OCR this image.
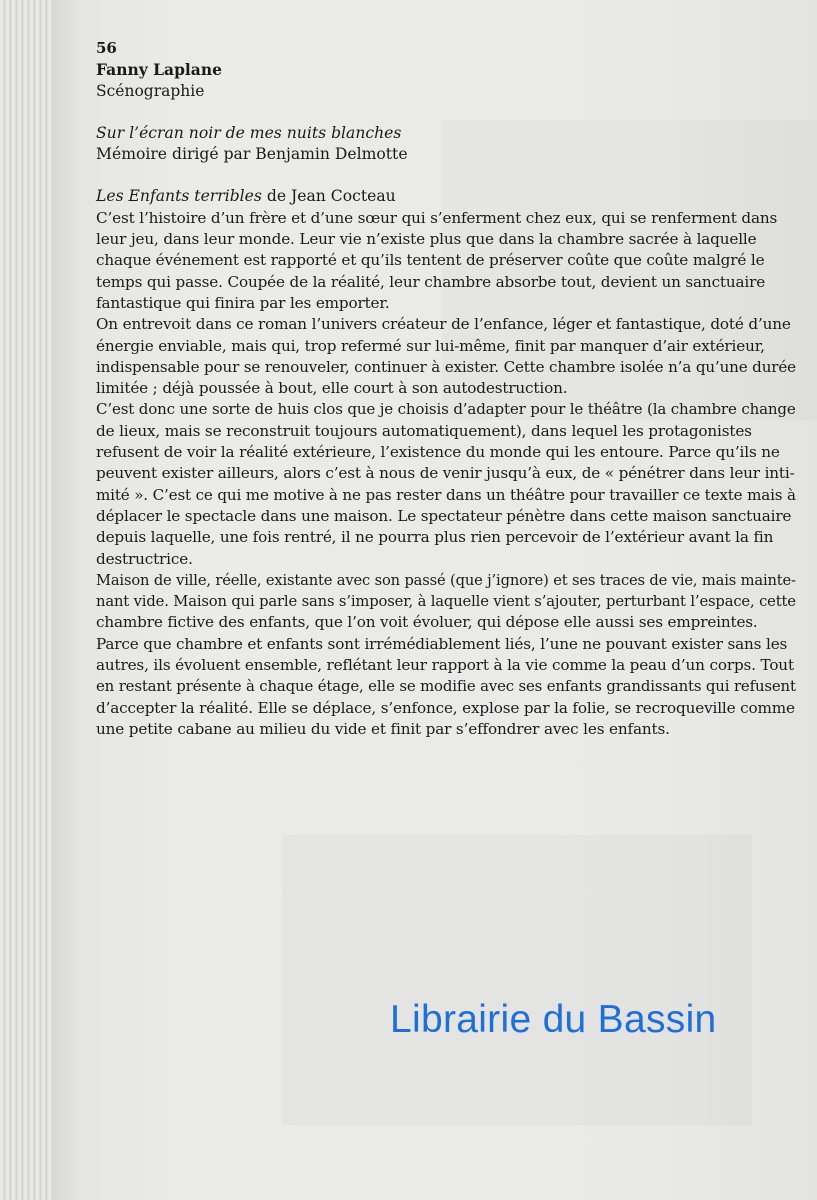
56

Fanny Laplane

Scénographie

Sur l’écran noir de mes nuits blanches

Mémoire dirigé par Benjamin Delmotte

Les Enfants terribles de Jean Cocteau

C’est l’histoire d’un frère et d’une sœur qui s’enferment chez eux, qui se renferment dans
leur jeu, dans leur monde. Leur vie n’existe plus que dans la chambre sacrée à laquelle
chaque événement est rapporté et qu’ils tentent de préserver coûte que coûte malgré le
temps qui passe. Coupée de la réalité, leur chambre absorbe tout, devient un sanctuaire
fantastique qui finira par les emporter.

On entrevoit dans ce roman l’univers créateur de l’enfance, léger et fantastique, doté d’une
énergie enviable, mais qui, trop refermé sur lui-même, finit par manquer d’air extérieur,
indispensable pour se renouveler, continuer à exister. Cette chambre isolée n’a qu’une durée
limitée ; déjà poussée à bout, elle court à son autodestruction.

C’est donc une sorte de huis clos que je choisis d’adapter pour le théâtre (la chambre change
de lieux, mais se reconstruit toujours automatiquement), dans lequel les protagonistes
refusent de voir la réalité extérieure, l’existence du monde qui les entoure. Parce qu’ils ne
peuvent exister ailleurs, alors c’est à nous de venir jusqu’à eux, de « pénétrer dans leur inti-
mité ». C’est ce qui me motive à ne pas rester dans un théâtre pour travailler ce texte mais à
déplacer le spectacle dans une maison. Le spectateur pénètre dans cette maison sanctuaire
depuis laquelle, une fois rentré, il ne pourra plus rien percevoir de l’extérieur avant la fin
destructrice.

Maison de ville, réelle, existante avec son passé (que j’ignore) et ses traces de vie, mais mainte-
nant vide. Maison qui parle sans s’imposer, à laquelle vient s’ajouter, perturbant l’espace, cette
chambre fictive des enfants, que l’on voit évoluer, qui dépose elle aussi ses empreintes.
Parce que chambre et enfants sont irrémédiablement liés, l’une ne pouvant exister sans les
autres, ils évoluent ensemble, reflétant leur rapport à la vie comme la peau d’un corps. Tout
en restant présente à chaque étage, elle se modifie avec ses enfants grandissants qui refusent
d’accepter la réalité. Elle se déplace, s’enfonce, explose par la folie, se recroqueville comme
une petite cabane au milieu du vide et finit par s’effondrer avec les enfants.

Librairie du Bassin
